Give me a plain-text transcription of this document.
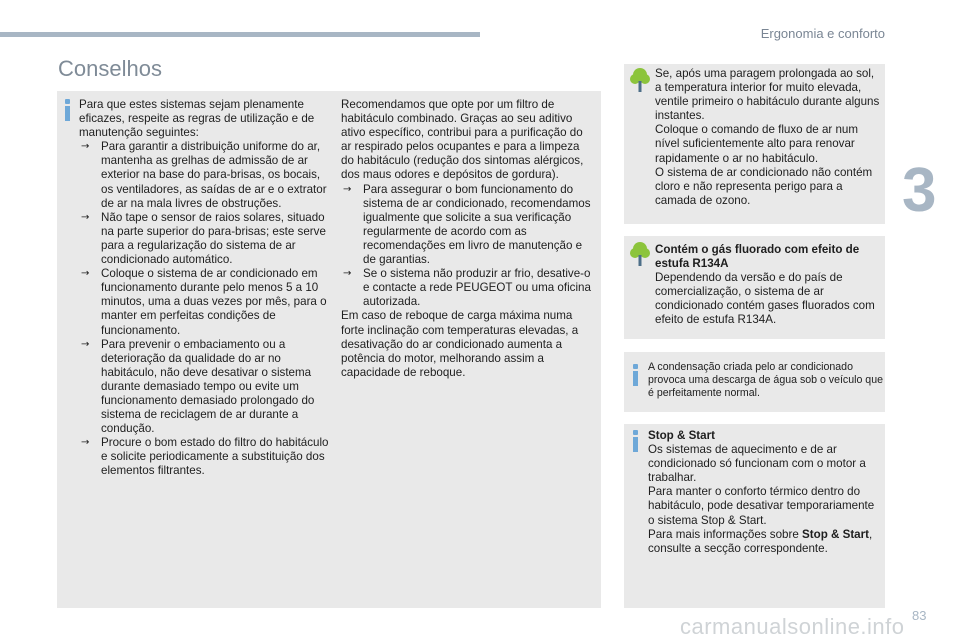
Ergonomia e conforto
3
Conselhos

Para que estes sistemas sejam plenamente eficazes, respeite as regras de utilização e de manutenção seguintes:

→ Para garantir a distribuição uniforme do ar, mantenha as grelhas de admissão de ar exterior na base do para-brisas, os bocais, os ventiladores, as saídas de ar e o extrator de ar na mala livres de obstruções.
→ Não tape o sensor de raios solares, situado na parte superior do para-brisas; este serve para a regularização do sistema de ar condicionado automático.
→ Coloque o sistema de ar condicionado em funcionamento durante pelo menos 5 a 10 minutos, uma a duas vezes por mês, para o manter em perfeitas condições de funcionamento.
→ Para prevenir o embaciamento ou a deterioração da qualidade do ar no habitáculo, não deve desativar o sistema durante demasiado tempo ou evite um funcionamento demasiado prolongado do sistema de reciclagem de ar durante a condução.
→ Procure o bom estado do filtro do habitáculo e solicite periodicamente a substituição dos elementos filtrantes.

Recomendamos que opte por um filtro de habitáculo combinado. Graças ao seu aditivo ativo específico, contribui para a purificação do ar respirado pelos ocupantes e para a limpeza do habitáculo (redução dos sintomas alérgicos, dos maus odores e depósitos de gordura).

→ Para assegurar o bom funcionamento do sistema de ar condicionado, recomendamos igualmente que solicite a sua verificação regularmente de acordo com as recomendações em livro de manutenção e de garantias.
→ Se o sistema não produzir ar frio, desative-o e contacte a rede PEUGEOT ou uma oficina autorizada.

Em caso de reboque de carga máxima numa forte inclinação com temperaturas elevadas, a desativação do ar condicionado aumenta a potência do motor, melhorando assim a capacidade de reboque.

Se, após uma paragem prolongada ao sol, a temperatura interior for muito elevada, ventile primeiro o habitáculo durante alguns instantes.

Coloque o comando de fluxo de ar num nível suficientemente alto para renovar rapidamente o ar no habitáculo.

O sistema de ar condicionado não contém cloro e não representa perigo para a camada de ozono.

Contém o gás fluorado com efeito de estufa R134A

Dependendo da versão e do país de comercialização, o sistema de ar condicionado contém gases fluorados com efeito de estufa R134A.

A condensação criada pelo ar condicionado provoca uma descarga de água sob o veículo que é perfeitamente normal.

Stop & Start

Os sistemas de aquecimento e de ar condicionado só funcionam com o motor a trabalhar.

Para manter o conforto térmico dentro do habitáculo, pode desativar temporariamente o sistema Stop & Start.

Para mais informações sobre Stop & Start, consulte a secção correspondente.

carmanualsonline.info 83
